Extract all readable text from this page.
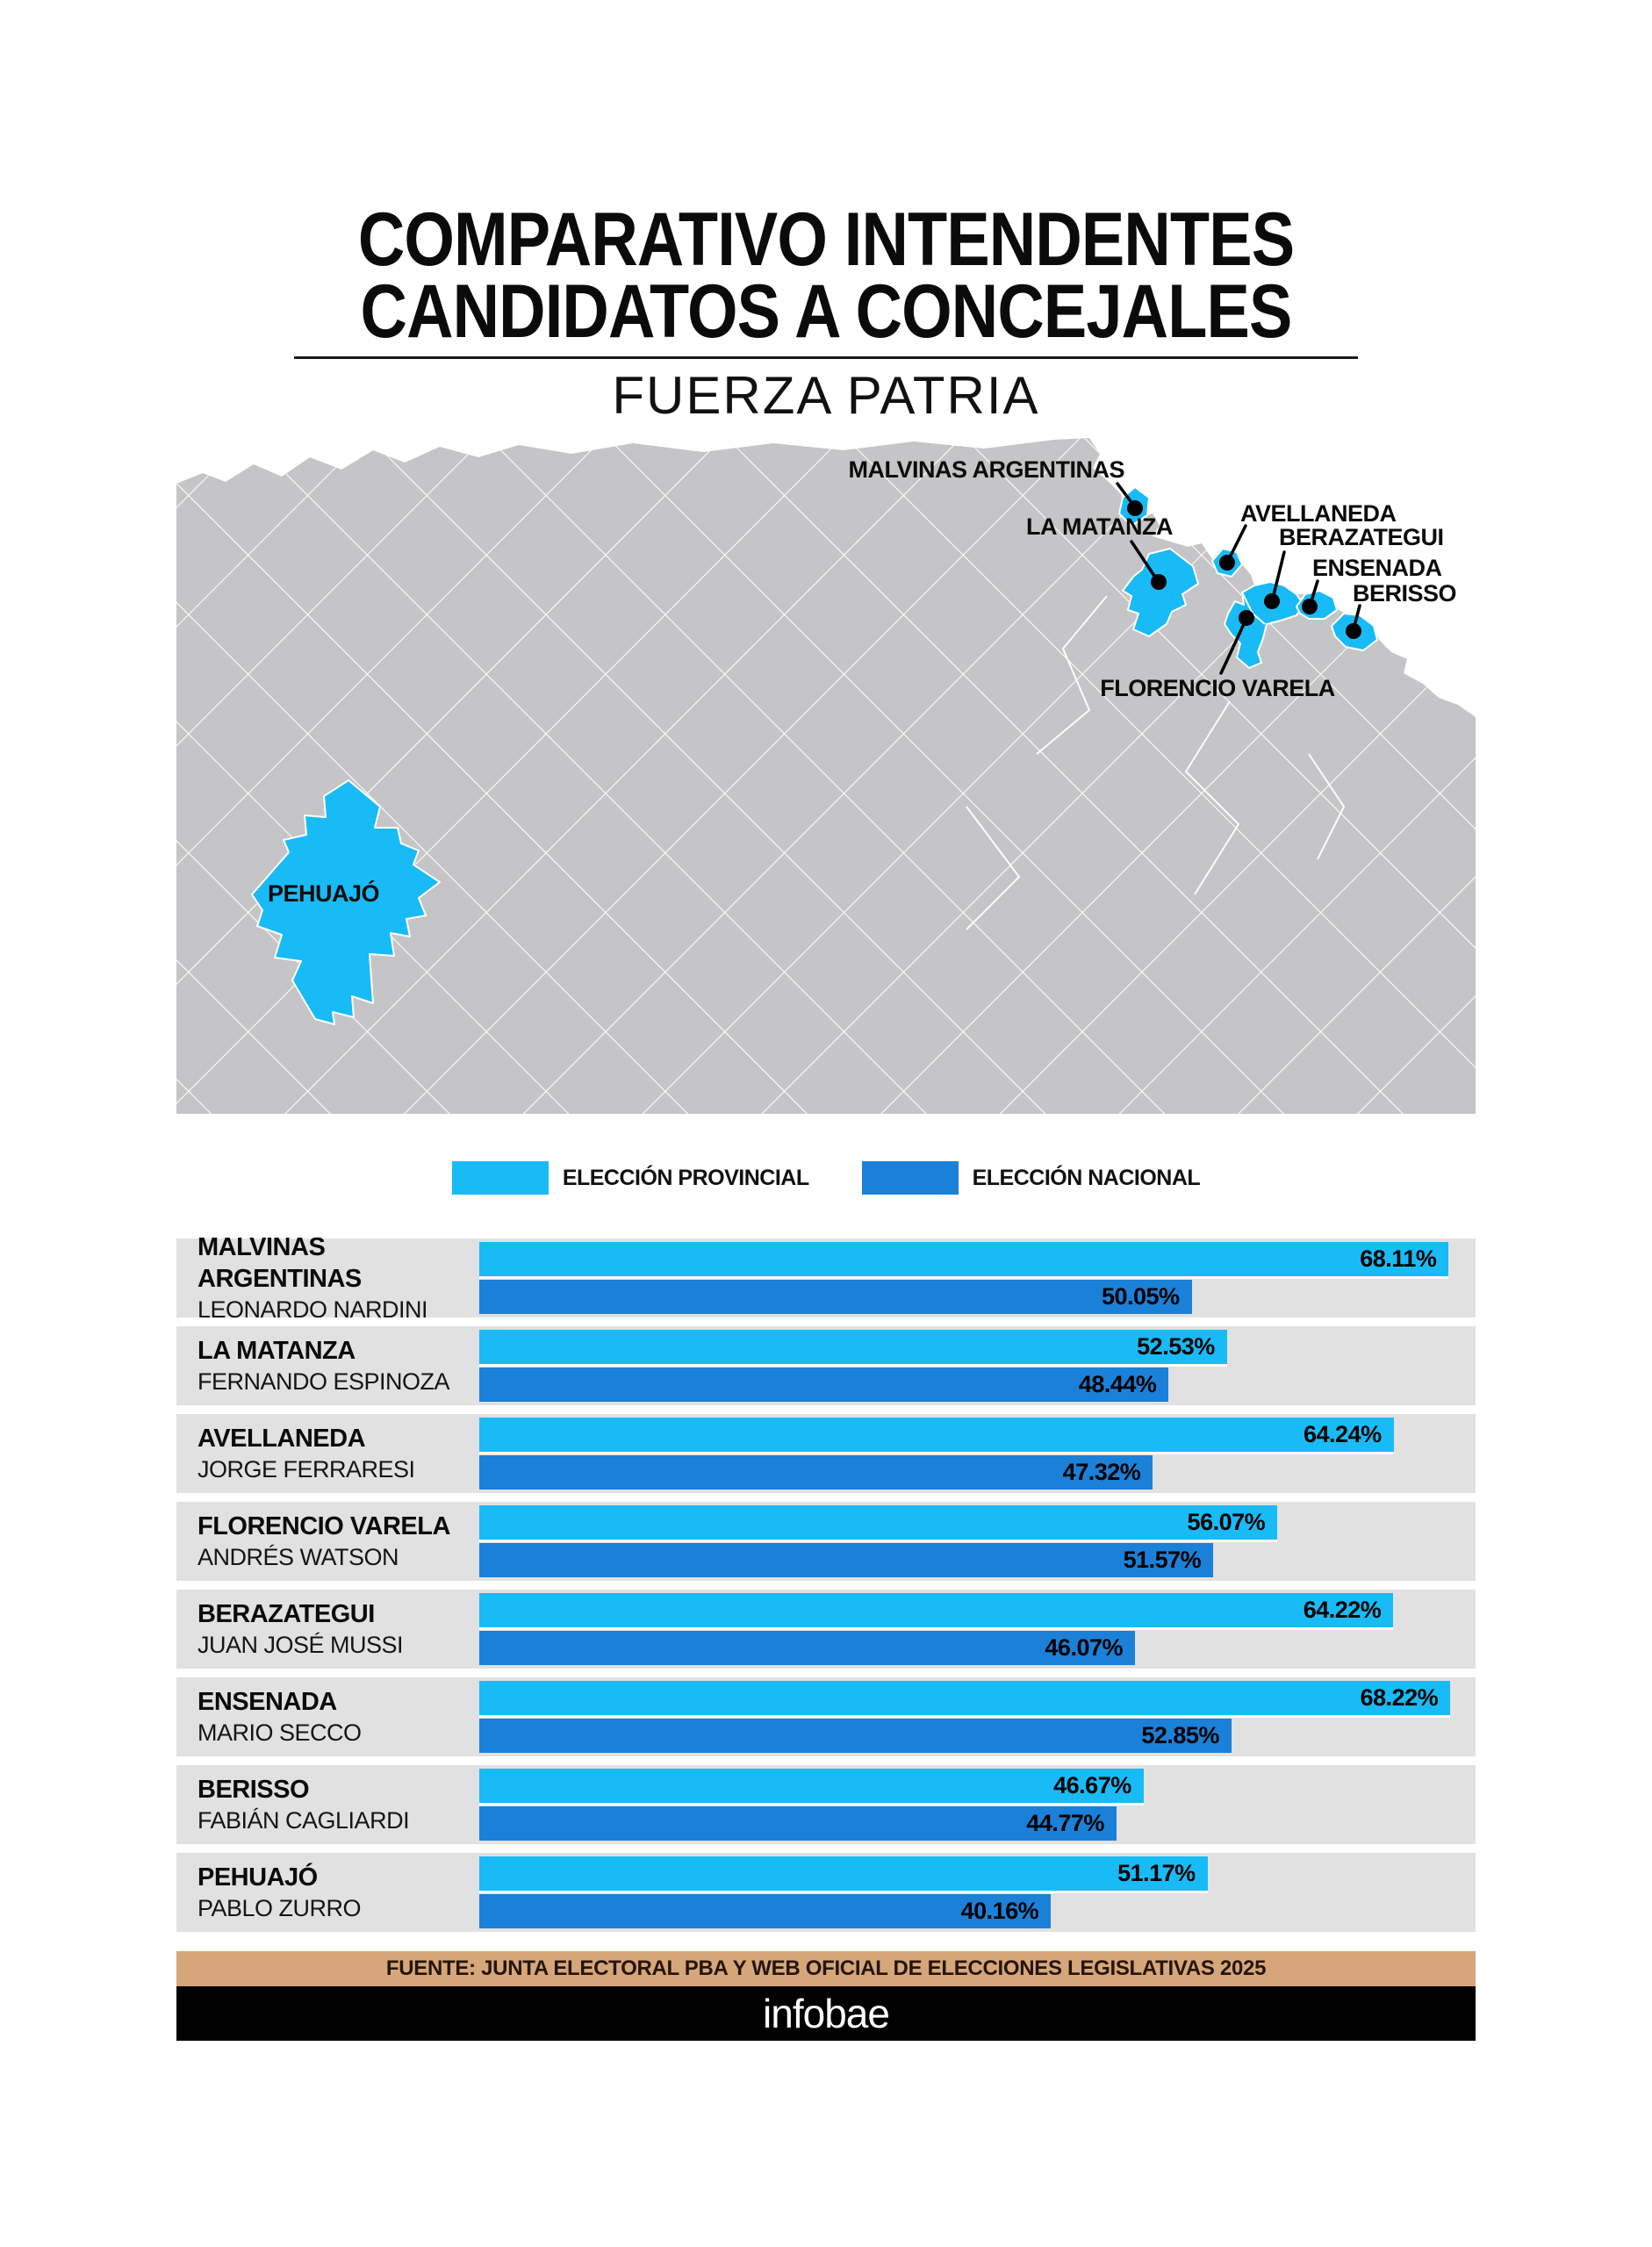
COMPARATIVO INTENDENTES
CANDIDATOS A CONCEJALES
FUERZA PATRIA
MALVINAS ARGENTINAS
AVELLANEDA
LA MATANZA	BERAZATEGUI
ENSENADA
BERISSO
FLORENCIO VARELA
PEHUAJÓ
ELECCIÓN PROVINCIAL	ELECCIÓN NACIONAL
MALVINAS ARGENTINAS
LEONARDO NARDINI
68.11%
50.05%
LA MATANZA
FERNANDO ESPINOZA
52.53%
48.44%
AVELLANEDA
JORGE FERRARESI
64.24%
47.32%
FLORENCIO VARELA
ANDRÉS WATSON
56.07%
51.57%
BERAZATEGUI
JUAN JOSÉ MUSSI
64.22%
46.07%
ENSENADA
MARIO SECCO
68.22%
52.85%
BERISSO
FABIÁN CAGLIARDI
46.67%
44.77%
PEHUAJÓ
PABLO ZURRO
51.17%
40.16%
FUENTE: JUNTA ELECTORAL PBA Y WEB OFICIAL DE ELECCIONES LEGISLATIVAS 2025
infobae
